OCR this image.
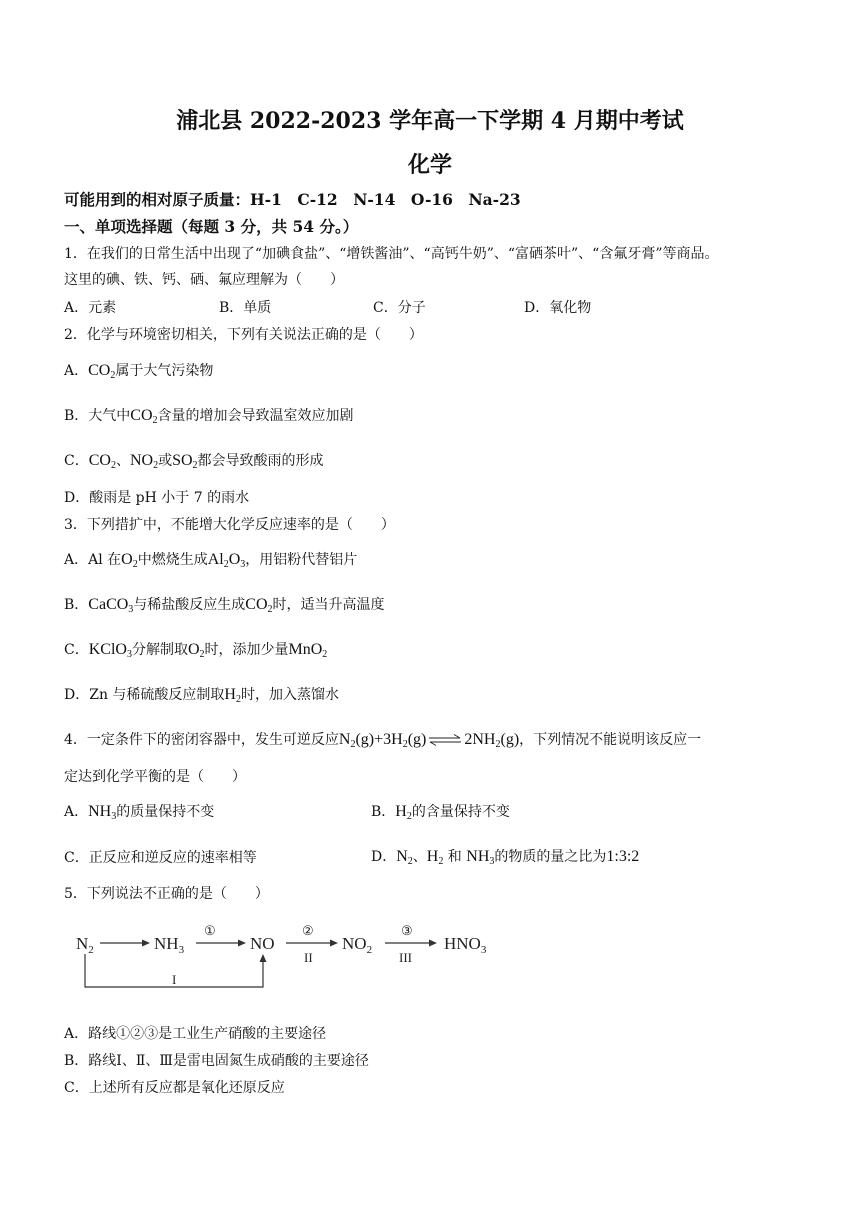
浦北县 2022-2023 学年高一下学期 4 月期中考试
化学
可能用到的相对原子质量：H-1　C-12　N-14　O-16　Na-23
一、单项选择题（每题 3 分，共 54 分。）
1．在我们的日常生活中出现了“加碘食盐”、“增铁酱油”、“高钙牛奶”、“富硒茶叶”、“含氟牙膏”等商品。
这里的碘、铁、钙、硒、氟应理解为（　　）
A．元素	B．单质	C．分子	D．氧化物
2．化学与环境密切相关，下列有关说法正确的是（　　）
A．$CO_2$属于大气污染物
B．大气中$CO_2$含量的增加会导致温室效应加剧
C．$CO_2$、$NO_2$或$SO_2$都会导致酸雨的形成
D．酸雨是 pH 小于 7 的雨水
3．下列措扩中，不能增大化学反应速率的是（　　）
A．Al 在$O_2$中燃烧生成$Al_2O_3$，用铝粉代替铝片
B．CaCO$_3$与稀盐酸反应生成$CO_2$时，适当升高温度
C．KClO$_3$分解制取$O_2$时，添加少量MnO$_2$
D．Zn 与稀硫酸反应制取$H_2$时，加入蒸馏水
4．一定条件下的密闭容器中，发生可逆反应$N_2(g)+3H_2(g)$ ⇌ $2NH_2(g)$，下列情况不能说明该反应一
定达到化学平衡的是（　　）
A．$NH_3$的质量保持不变	B．$H_2$的含量保持不变
C．正反应和逆反应的速率相等	D．$N_2$、$H_2$ 和 $NH_3$的物质的量之比为1:3:2
5．下列说法不正确的是（　　）
$N_2$	$NH_3$
①
NO
②
II
$NO_2$
③
III
$HNO_3$
I
A．路线①②③是工业生产硝酸的主要途径
B．路线Ⅰ、Ⅱ、Ⅲ是雷电固氮生成硝酸的主要途径
C．上述所有反应都是氧化还原反应
